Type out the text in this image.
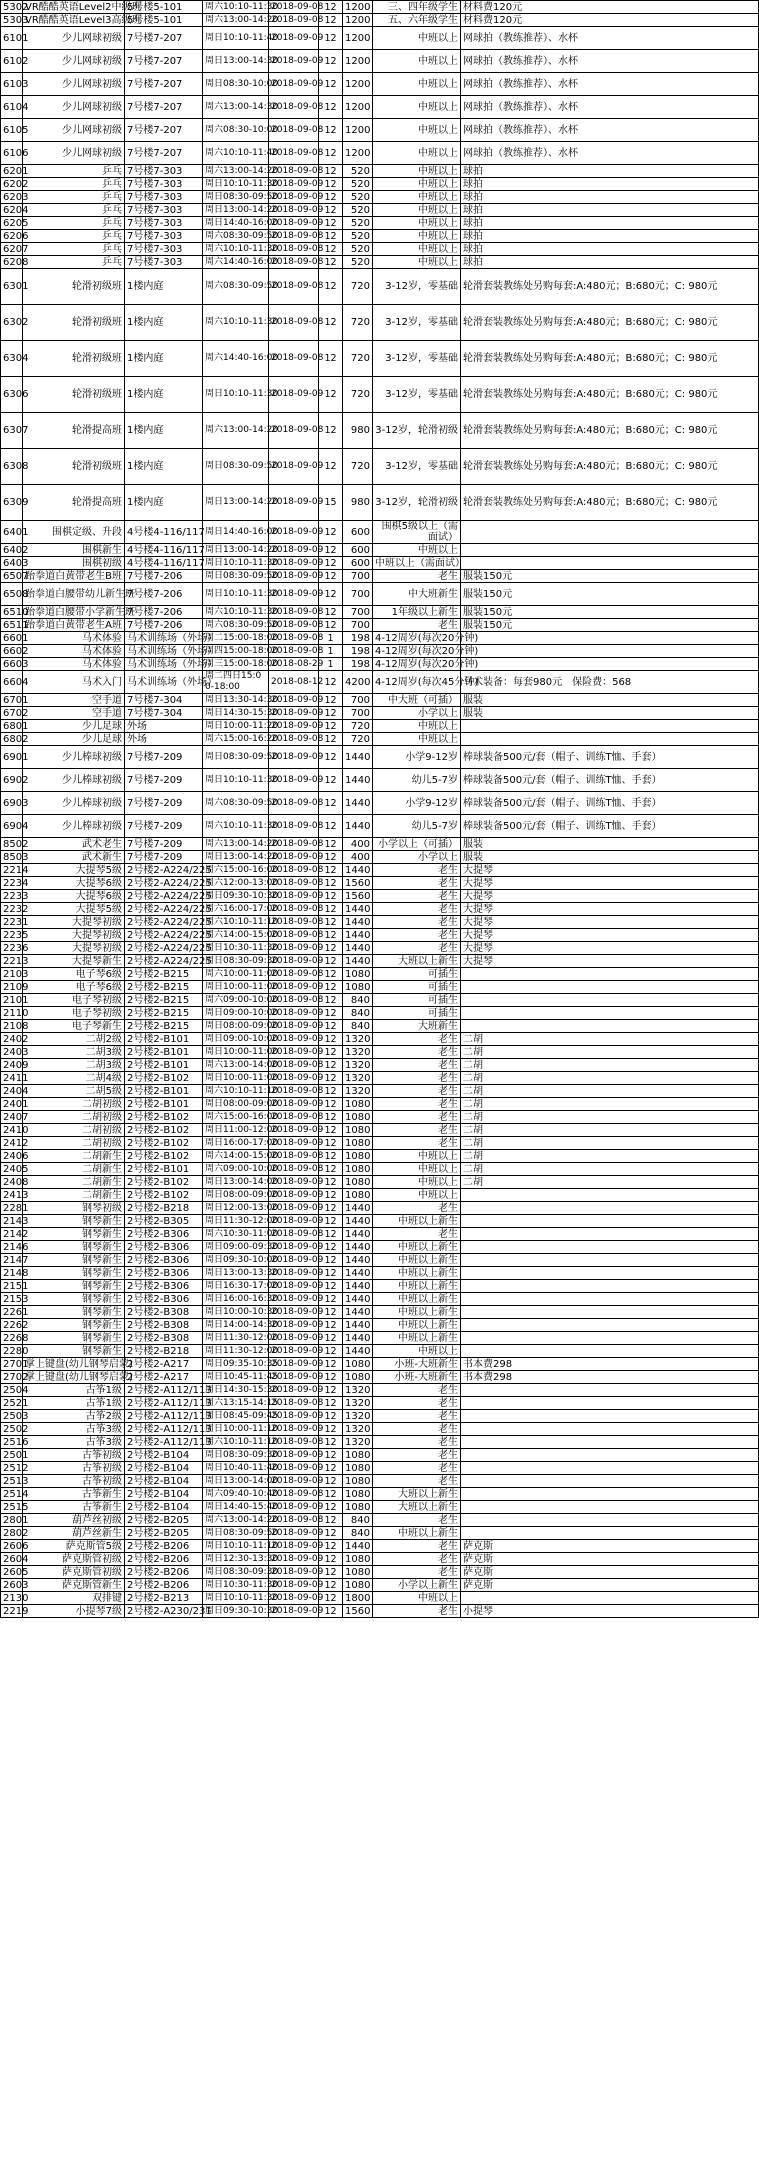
5302	VR酷酷英语Level2中级班	5号楼5-101	周六10:10-11:30	2018-09-08	12	1200	三、四年级学生	材料费120元
5303	VR酷酷英语Level3高级班	5号楼5-101	周六13:00-14:20	2018-09-08	12	1200	五、六年级学生	材料费120元
6101	少儿网球初级	7号楼7-207	周日10:10-11:40	2018-09-09	12	1200	中班以上	网球拍（教练推荐）、水杯
6102	少儿网球初级	7号楼7-207	周日13:00-14:30	2018-09-09	12	1200	中班以上	网球拍（教练推荐）、水杯
6103	少儿网球初级	7号楼7-207	周日08:30-10:00	2018-09-09	12	1200	中班以上	网球拍（教练推荐）、水杯
6104	少儿网球初级	7号楼7-207	周六13:00-14:30	2018-09-08	12	1200	中班以上	网球拍（教练推荐）、水杯
6105	少儿网球初级	7号楼7-207	周六08:30-10:00	2018-09-08	12	1200	中班以上	网球拍（教练推荐）、水杯
6106	少儿网球初级	7号楼7-207	周六10:10-11:40	2018-09-08	12	1200	中班以上	网球拍（教练推荐）、水杯
6201	乒乓	7号楼7-303	周六13:00-14:20	2018-09-08	12	520	中班以上	球拍
6202	乒乓	7号楼7-303	周日10:10-11:30	2018-09-09	12	520	中班以上	球拍
6203	乒乓	7号楼7-303	周日08:30-09:50	2018-09-09	12	520	中班以上	球拍
6204	乒乓	7号楼7-303	周日13:00-14:20	2018-09-09	12	520	中班以上	球拍
6205	乒乓	7号楼7-303	周日14:40-16:00	2018-09-09	12	520	中班以上	球拍
6206	乒乓	7号楼7-303	周六08:30-09:50	2018-09-08	12	520	中班以上	球拍
6207	乒乓	7号楼7-303	周六10:10-11:30	2018-09-08	12	520	中班以上	球拍
6208	乒乓	7号楼7-303	周六14:40-16:00	2018-09-08	12	520	中班以上	球拍
6301	轮滑初级班	1楼内庭	周六08:30-09:50	2018-09-08	12	720	3-12岁，零基础	轮滑套装教练处另购每套:A:480元；B:680元；C: 980元
6302	轮滑初级班	1楼内庭	周六10:10-11:30	2018-09-08	12	720	3-12岁，零基础	轮滑套装教练处另购每套:A:480元；B:680元；C: 980元
6304	轮滑初级班	1楼内庭	周六14:40-16:00	2018-09-08	12	720	3-12岁，零基础	轮滑套装教练处另购每套:A:480元；B:680元；C: 980元
6306	轮滑初级班	1楼内庭	周日10:10-11:30	2018-09-09	12	720	3-12岁，零基础	轮滑套装教练处另购每套:A:480元；B:680元；C: 980元
6307	轮滑提高班	1楼内庭	周六13:00-14:20	2018-09-08	12	980	3-12岁，轮滑初级	轮滑套装教练处另购每套:A:480元；B:680元；C: 980元
6308	轮滑初级班	1楼内庭	周日08:30-09:50	2018-09-09	12	720	3-12岁，零基础	轮滑套装教练处另购每套:A:480元；B:680元；C: 980元
6309	轮滑提高班	1楼内庭	周日13:00-14:20	2018-09-09	15	980	3-12岁，轮滑初级	轮滑套装教练处另购每套:A:480元；B:680元；C: 980元
6401	围棋定级、升段	4号楼4-116/117	周日14:40-16:00	2018-09-09	12	600	围棋5级以上（需面试）	
6402	围棋新生	4号楼4-116/117	周日13:00-14:20	2018-09-09	12	600	中班以上	
6403	围棋初级	4号楼4-116/117	周日10:10-11:30	2018-09-09	12	600	中班以上（需面试）	
6507	跆拳道白黄带老生B班	7号楼7-206	周日08:30-09:50	2018-09-09	12	700	老生	服装150元
6508	跆拳道白腰带幼儿新生班	7号楼7-206	周日10:10-11:30	2018-09-09	12	700	中大班新生	服装150元
6510	跆拳道白腰带小学新生班	7号楼7-206	周六10:10-11:30	2018-09-08	12	700	1年级以上新生	服装150元
6511	跆拳道白黄带老生A班	7号楼7-206	周六08:30-09:50	2018-09-08	12	700	老生	服装150元
6601	马术体验	马术训练场（外场）	周二15:00-18:00	2018-09-08	1	198	4-12周岁(每次20分钟)	
6602	马术体验	马术训练场（外场）	周四15:00-18:00	2018-09-08	1	198	4-12周岁(每次20分钟)	
6603	马术体验	马术训练场（外场）	周三15:00-18:00	2018-08-29	1	198	4-12周岁(每次20分钟)	
6604	马术入门	马术训练场（外场）	周二四日15:00-18:00	2018-08-12	12	4200	4-12周岁(每次45分钟)	马术装备：每套980元　保险费：568
6701	空手道	7号楼7-304	周日13:30-14:30	2018-09-09	12	700	中大班（可插）	服装
6702	空手道	7号楼7-304	周日14:30-15:30	2018-09-09	12	700	小学以上	服装
6801	少儿足球	外场	周日10:00-11:20	2018-09-09	12	720	中班以上	
6802	少儿足球	外场	周六15:00-16:20	2018-09-08	12	720	中班以上	
6901	少儿棒球初级	7号楼7-209	周日08:30-09:50	2018-09-09	12	1440	小学9-12岁	棒球装备500元/套（帽子、训练T恤、手套）
6902	少儿棒球初级	7号楼7-209	周日10:10-11:30	2018-09-09	12	1440	幼儿5-7岁	棒球装备500元/套（帽子、训练T恤、手套）
6903	少儿棒球初级	7号楼7-209	周六08:30-09:50	2018-09-08	12	1440	小学9-12岁	棒球装备500元/套（帽子、训练T恤、手套）
6904	少儿棒球初级	7号楼7-209	周六10:10-11:30	2018-09-08	12	1440	幼儿5-7岁	棒球装备500元/套（帽子、训练T恤、手套）
8502	武术老生	7号楼7-209	周六13:00-14:20	2018-09-08	12	400	小学以上（可插）	服装
8503	武术新生	7号楼7-209	周日13:00-14:20	2018-09-09	12	400	小学以上	服装
2214	大提琴5级	2号楼2-A224/225	周六15:00-16:00	2018-09-08	12	1440	老生	大提琴
2234	大提琴6级	2号楼2-A224/225	周六12:00-13:00	2018-09-08	12	1560	老生	大提琴
2233	大提琴6级	2号楼2-A224/225	周日09:30-10:30	2018-09-09	12	1560	老生	大提琴
2232	大提琴5级	2号楼2-A224/225	周六16:00-17:00	2018-09-08	12	1440	老生	大提琴
2231	大提琴初级	2号楼2-A224/225	周六10:10-11:10	2018-09-08	12	1440	老生	大提琴
2235	大提琴初级	2号楼2-A224/225	周六14:00-15:00	2018-09-08	12	1440	老生	大提琴
2236	大提琴初级	2号楼2-A224/225	周日10:30-11:30	2018-09-09	12	1440	老生	大提琴
2213	大提琴新生	2号楼2-A224/225	周日08:30-09:30	2018-09-09	12	1440	大班以上新生	大提琴
2103	电子琴6级	2号楼2-B215	周六10:00-11:00	2018-09-08	12	1080	可插生	
2109	电子琴6级	2号楼2-B215	周日10:00-11:00	2018-09-09	12	1080	可插生	
2101	电子琴初级	2号楼2-B215	周六09:00-10:00	2018-09-08	12	840	可插生	
2110	电子琴初级	2号楼2-B215	周日09:00-10:00	2018-09-09	12	840	可插生	
2108	电子琴新生	2号楼2-B215	周日08:00-09:00	2018-09-09	12	840	大班新生	
2402	二胡2级	2号楼2-B101	周日09:00-10:00	2018-09-09	12	1320	老生	二胡
2403	二胡3级	2号楼2-B101	周日10:00-11:00	2018-09-09	12	1320	老生	二胡
2409	二胡3级	2号楼2-B101	周六13:00-14:00	2018-09-08	12	1320	老生	二胡
2411	二胡4级	2号楼2-B102	周日10:00-11:00	2018-09-09	12	1320	老生	二胡
2404	二胡5级	2号楼2-B101	周六10:10-11:10	2018-09-08	12	1320	老生	二胡
2401	二胡初级	2号楼2-B101	周日08:00-09:00	2018-09-09	12	1080	老生	二胡
2407	二胡初级	2号楼2-B102	周六15:00-16:00	2018-09-08	12	1080	老生	二胡
2410	二胡初级	2号楼2-B102	周日11:00-12:00	2018-09-09	12	1080	老生	二胡
2412	二胡初级	2号楼2-B102	周日16:00-17:00	2018-09-09	12	1080	老生	二胡
2406	二胡新生	2号楼2-B102	周六14:00-15:00	2018-09-08	12	1080	中班以上	二胡
2405	二胡新生	2号楼2-B101	周六09:00-10:00	2018-09-08	12	1080	中班以上	二胡
2408	二胡新生	2号楼2-B102	周日13:00-14:00	2018-09-09	12	1080	中班以上	二胡
2413	二胡新生	2号楼2-B102	周日08:00-09:00	2018-09-09	12	1080	中班以上	
2281	钢琴初级	2号楼2-B218	周日12:00-13:00	2018-09-09	12	1440	老生	
2143	钢琴新生	2号楼2-B305	周日11:30-12:00	2018-09-09	12	1440	中班以上新生	
2142	钢琴新生	2号楼2-B306	周六10:30-11:00	2018-09-08	12	1440	老生	
2146	钢琴新生	2号楼2-B306	周日09:00-09:30	2018-09-09	12	1440	中班以上新生	
2147	钢琴新生	2号楼2-B306	周日09:30-10:00	2018-09-09	12	1440	中班以上新生	
2148	钢琴新生	2号楼2-B306	周日13:00-13:30	2018-09-09	12	1440	中班以上新生	
2151	钢琴新生	2号楼2-B306	周日16:30-17:00	2018-09-09	12	1440	中班以上新生	
2153	钢琴新生	2号楼2-B306	周日16:00-16:30	2018-09-09	12	1440	中班以上新生	
2261	钢琴新生	2号楼2-B308	周日10:00-10:30	2018-09-09	12	1440	中班以上新生	
2262	钢琴新生	2号楼2-B308	周日14:00-14:30	2018-09-09	12	1440	中班以上新生	
2268	钢琴新生	2号楼2-B308	周日11:30-12:00	2018-09-09	12	1440	中班以上新生	
2280	钢琴新生	2号楼2-B218	周日11:30-12:00	2018-09-09	12	1440	中班以上	
2701	掌上键盘(幼儿钢琴启蒙)	2号楼2-A217	周日09:35-10:35	2018-09-09	12	1080	小班-大班新生	书本费298
2702	掌上键盘(幼儿钢琴启蒙)	2号楼2-A217	周日10:45-11:45	2018-09-09	12	1080	小班-大班新生	书本费298
2504	古筝1级	2号楼2-A112/113	周日14:30-15:30	2018-09-09	12	1320	老生	
2521	古筝1级	2号楼2-A112/113	周六13:15-14:15	2018-09-08	12	1320	老生	
2503	古筝2级	2号楼2-A112/113	周日08:45-09:45	2018-09-09	12	1320	老生	
2502	古筝3级	2号楼2-A112/113	周日10:00-11:10	2018-09-09	12	1320	老生	
2516	古筝3级	2号楼2-A112/113	周六10:10-11:10	2018-09-08	12	1320	老生	
2501	古筝初级	2号楼2-B104	周日08:30-09:30	2018-09-09	12	1080	老生	
2512	古筝初级	2号楼2-B104	周日10:40-11:40	2018-09-09	12	1080	老生	
2513	古筝初级	2号楼2-B104	周日13:00-14:00	2018-09-09	12	1080	老生	
2514	古筝新生	2号楼2-B104	周六09:40-10:40	2018-09-08	12	1080	大班以上新生	
2515	古筝新生	2号楼2-B104	周日14:40-15:40	2018-09-09	12	1080	大班以上新生	
2801	葫芦丝初级	2号楼2-B205	周六13:00-14:20	2018-09-08	12	840	老生	
2802	葫芦丝新生	2号楼2-B205	周日08:30-09:50	2018-09-09	12	840	中班以上新生	
2606	萨克斯管5级	2号楼2-B206	周日10:10-11:10	2018-09-09	12	1440	老生	萨克斯
2604	萨克斯管初级	2号楼2-B206	周日12:30-13:30	2018-09-09	12	1080	老生	萨克斯
2605	萨克斯管初级	2号楼2-B206	周日08:30-09:30	2018-09-09	12	1080	老生	萨克斯
2603	萨克斯管新生	2号楼2-B206	周日10:30-11:30	2018-09-09	12	1080	小学以上新生	萨克斯
2130	双排键	2号楼2-B213	周日10:10-11:30	2018-09-09	12	1800	中班以上	
2219	小提琴7级	2号楼2-A230/231	周日09:30-10:30	2018-09-09	12	1560	老生	小提琴
